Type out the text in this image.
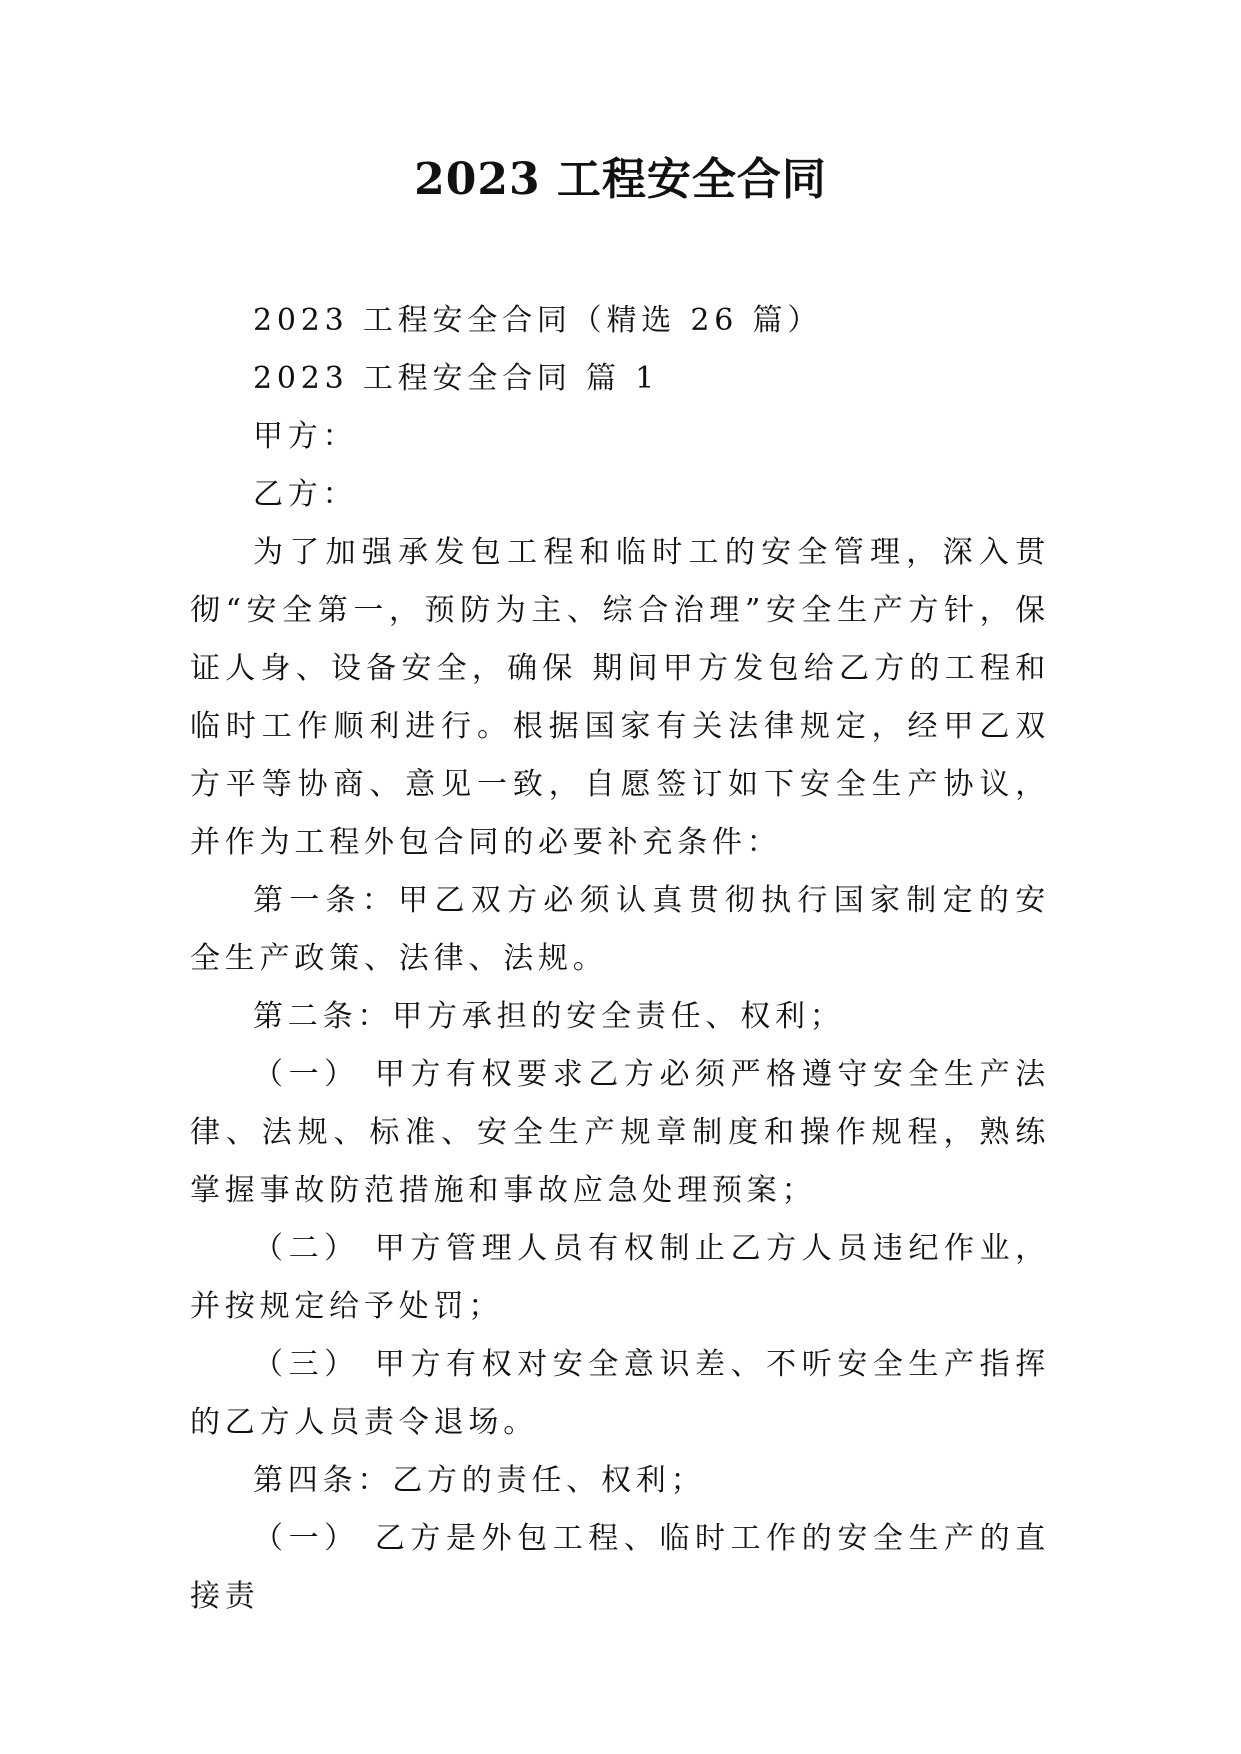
2023 工程安全合同

2023 工程安全合同（精选 26 篇）

2023 工程安全合同 篇 1

甲方：

乙方：

为了加强承发包工程和临时工的安全管理，深入贯彻“安全第一，预防为主、综合治理”安全生产方针，保证人身、设备安全，确保 期间甲方发包给乙方的工程和临时工作顺利进行。根据国家有关法律规定，经甲乙双方平等协商、意见一致，自愿签订如下安全生产协议，并作为工程外包合同的必要补充条件：

第一条：甲乙双方必须认真贯彻执行国家制定的安全生产政策、法律、法规。

第二条：甲方承担的安全责任、权利；

（一） 甲方有权要求乙方必须严格遵守安全生产法律、法规、标准、安全生产规章制度和操作规程，熟练掌握事故防范措施和事故应急处理预案；

（二） 甲方管理人员有权制止乙方人员违纪作业，并按规定给予处罚；

（三） 甲方有权对安全意识差、不听安全生产指挥的乙方人员责令退场。

第四条：乙方的责任、权利；

（一） 乙方是外包工程、临时工作的安全生产的直接责
